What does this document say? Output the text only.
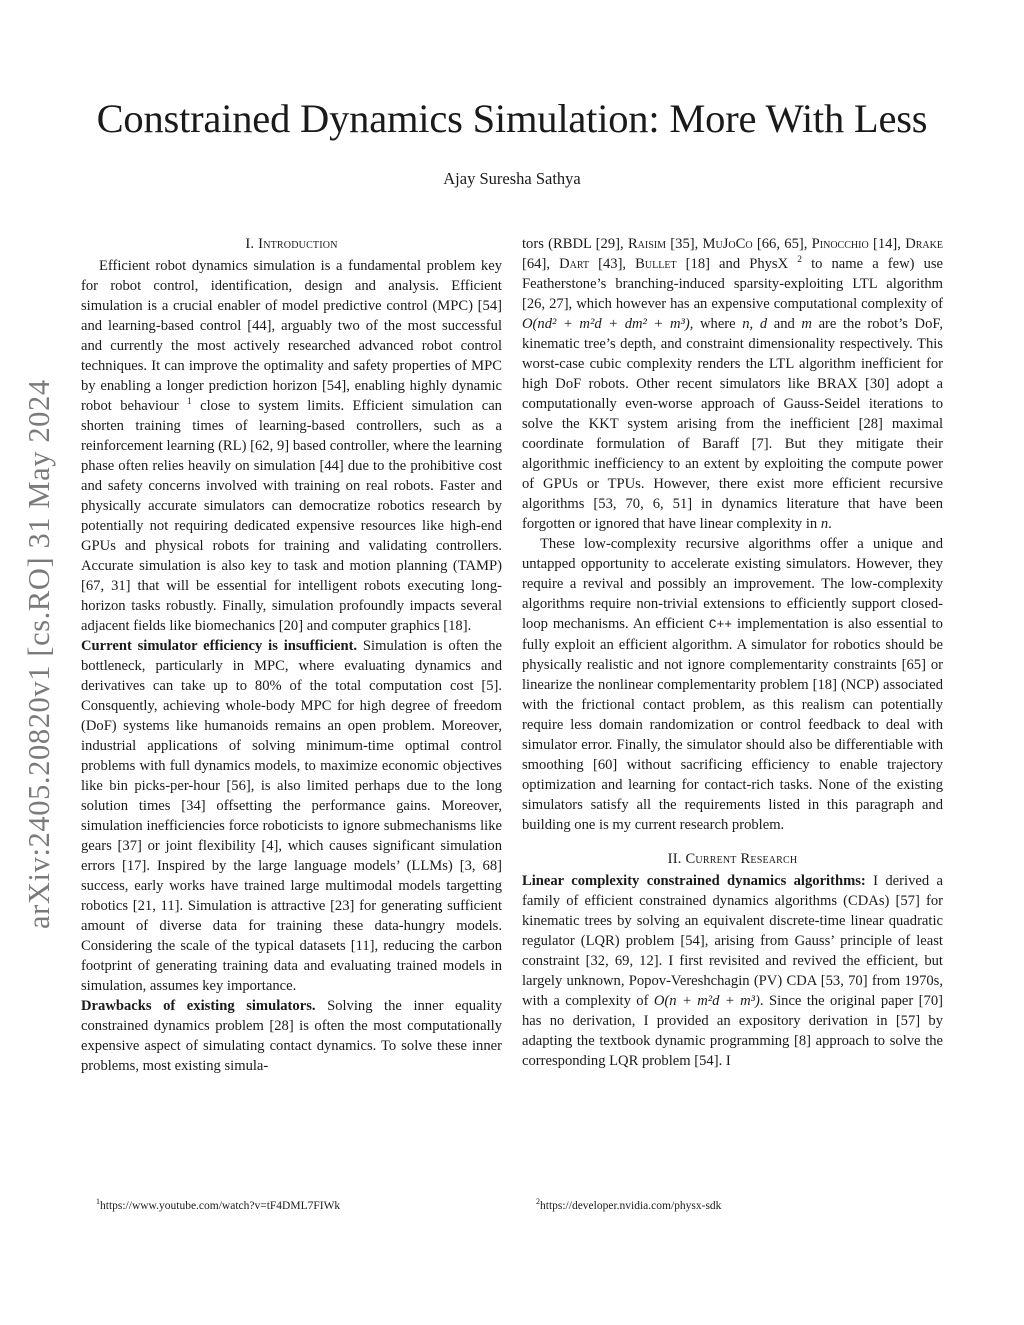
Constrained Dynamics Simulation: More With Less
Ajay Suresha Sathya
arXiv:2405.20820v1 [cs.RO] 31 May 2024
I. Introduction

Efficient robot dynamics simulation is a fundamental problem key for robot control, identification, design and analysis. Efficient simulation is a crucial enabler of model predictive control (MPC) [54] and learning-based control [44], arguably two of the most successful and currently the most actively researched advanced robot control techniques. It can improve the optimality and safety properties of MPC by enabling a longer prediction horizon [54], enabling highly dynamic robot behaviour $^1$ close to system limits. Efficient simulation can shorten training times of learning-based controllers, such as a reinforcement learning (RL) [62, 9] based controller, where the learning phase often relies heavily on simulation [44] due to the prohibitive cost and safety concerns involved with training on real robots. Faster and physically accurate simulators can democratize robotics research by potentially not requiring dedicated expensive resources like high-end GPUs and physical robots for training and validating controllers. Accurate simulation is also key to task and motion planning (TAMP) [67, 31] that will be essential for intelligent robots executing long-horizon tasks robustly. Finally, simulation profoundly impacts several adjacent fields like biomechanics [20] and computer graphics [18].

Current simulator efficiency is insufficient. Simulation is often the bottleneck, particularly in MPC, where evaluating dynamics and derivatives can take up to 80% of the total computation cost [5]. Consquently, achieving whole-body MPC for high degree of freedom (DoF) systems like humanoids remains an open problem. Moreover, industrial applications of solving minimum-time optimal control problems with full dynamics models, to maximize economic objectives like bin picks-per-hour [56], is also limited perhaps due to the long solution times [34] offsetting the performance gains. Moreover, simulation inefficiencies force roboticists to ignore submechanisms like gears [37] or joint flexibility [4], which causes significant simulation errors [17]. Inspired by the large language models’ (LLMs) [3, 68] success, early works have trained large multimodal models targetting robotics [21, 11]. Simulation is attractive [23] for generating sufficient amount of diverse data for training these data-hungry models. Considering the scale of the typical datasets [11], reducing the carbon footprint of generating training data and evaluating trained models in simulation, assumes key importance.

Drawbacks of existing simulators. Solving the inner equality constrained dynamics problem [28] is often the most computationally expensive aspect of simulating contact dynamics. To solve these inner problems, most existing simula-

tors (RBDL [29], Raisim [35], MuJoCo [66, 65], Pinocchio [14], Drake [64], Dart [43], Bullet [18] and PhysX $^2$ to name a few) use Featherstone’s branching-induced sparsity-exploiting LTL algorithm [26, 27], which however has an expensive computational complexity of O(nd² + m²d + dm² + m³), where n, d and m are the robot’s DoF, kinematic tree’s depth, and constraint dimensionality respectively. This worst-case cubic complexity renders the LTL algorithm inefficient for high DoF robots. Other recent simulators like BRAX [30] adopt a computationally even-worse approach of Gauss-Seidel iterations to solve the KKT system arising from the inefficient [28] maximal coordinate formulation of Baraff [7]. But they mitigate their algorithmic inefficiency to an extent by exploiting the compute power of GPUs or TPUs. However, there exist more efficient recursive algorithms [53, 70, 6, 51] in dynamics literature that have been forgotten or ignored that have linear complexity in n.

These low-complexity recursive algorithms offer a unique and untapped opportunity to accelerate existing simulators. However, they require a revival and possibly an improvement. The low-complexity algorithms require non-trivial extensions to efficiently support closed-loop mechanisms. An efficient C++ implementation is also essential to fully exploit an efficient algorithm. A simulator for robotics should be physically realistic and not ignore complementarity constraints [65] or linearize the nonlinear complementarity problem [18] (NCP) associated with the frictional contact problem, as this realism can potentially require less domain randomization or control feedback to deal with simulator error. Finally, the simulator should also be differentiable with smoothing [60] without sacrificing efficiency to enable trajectory optimization and learning for contact-rich tasks. None of the existing simulators satisfy all the requirements listed in this paragraph and building one is my current research problem.

II. Current Research

Linear complexity constrained dynamics algorithms: I derived a family of efficient constrained dynamics algorithms (CDAs) [57] for kinematic trees by solving an equivalent discrete-time linear quadratic regulator (LQR) problem [54], arising from Gauss’ principle of least constraint [32, 69, 12]. I first revisited and revived the efficient, but largely unknown, Popov-Vereshchagin (PV) CDA [53, 70] from 1970s, with a complexity of O(n + m²d + m³). Since the original paper [70] has no derivation, I provided an expository derivation in [57] by adapting the textbook dynamic programming [8] approach to solve the corresponding LQR problem [54]. I

$^1$https://www.youtube.com/watch?v=tF4DML7FIWk	$^2$https://developer.nvidia.com/physx-sdk
